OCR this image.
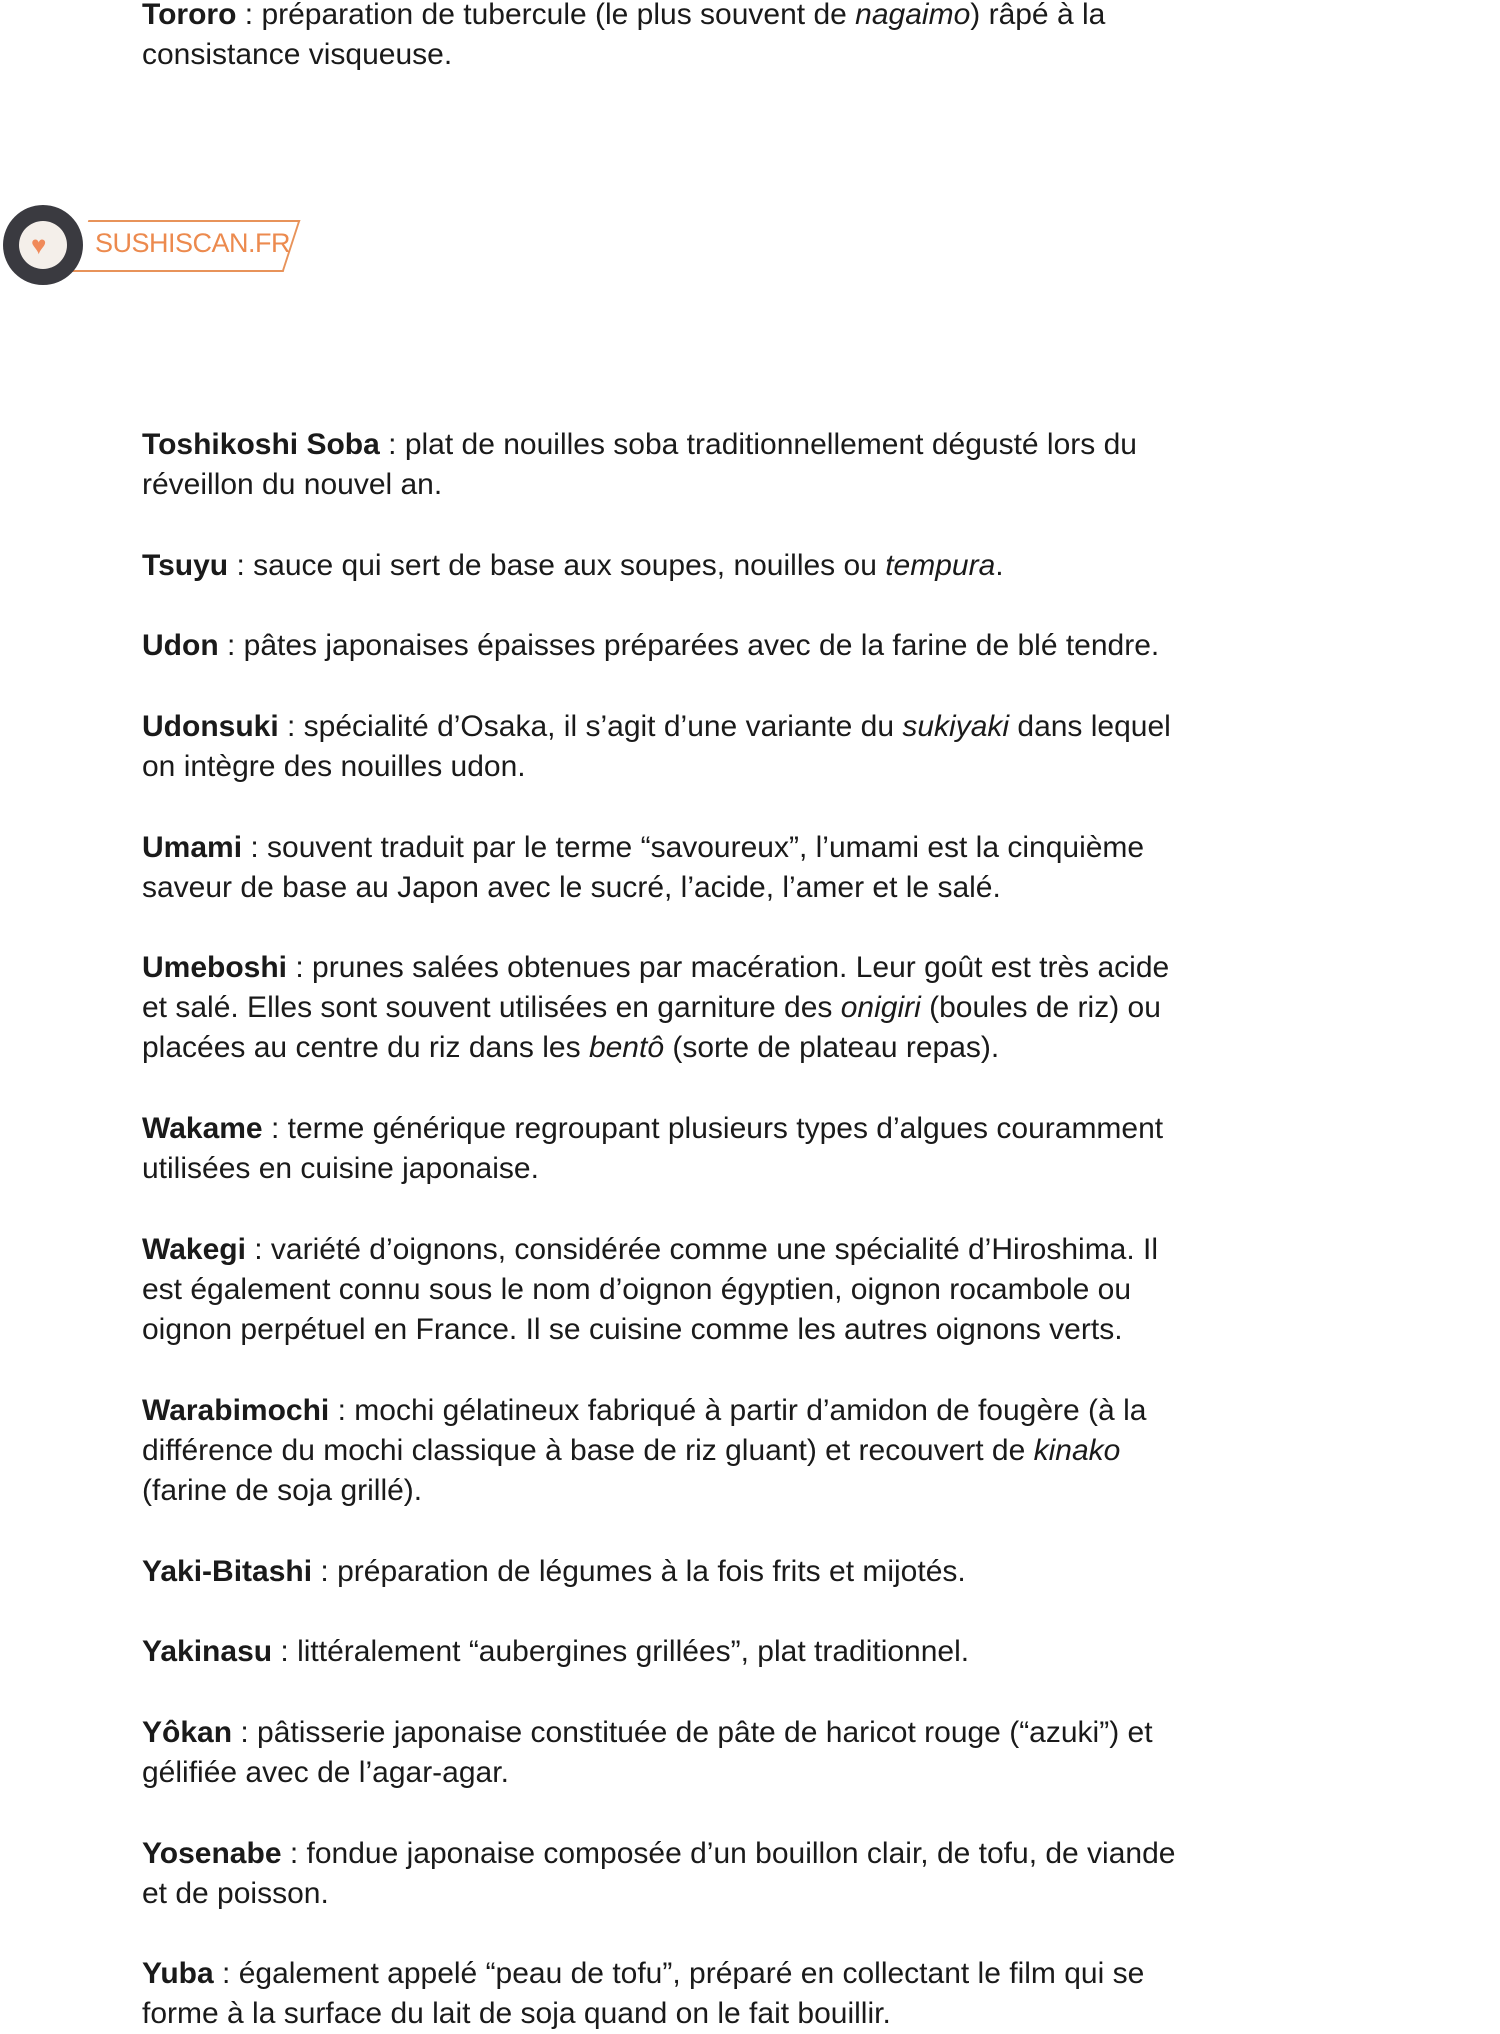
Tororo : préparation de tubercule (le plus souvent de nagaimo) râpé à la
consistance visqueuse.
Toshikoshi Soba : plat de nouilles soba traditionnellement dégusté lors du
réveillon du nouvel an.
Tsuyu : sauce qui sert de base aux soupes, nouilles ou tempura.
Udon : pâtes japonaises épaisses préparées avec de la farine de blé tendre.
Udonsuki : spécialité d’Osaka, il s’agit d’une variante du sukiyaki dans lequel
on intègre des nouilles udon.
Umami : souvent traduit par le terme “savoureux”, l’umami est la cinquième
saveur de base au Japon avec le sucré, l’acide, l’amer et le salé.
Umeboshi : prunes salées obtenues par macération. Leur goût est très acide
et salé. Elles sont souvent utilisées en garniture des onigiri (boules de riz) ou
placées au centre du riz dans les bentô (sorte de plateau repas).
Wakame : terme générique regroupant plusieurs types d’algues couramment
utilisées en cuisine japonaise.
Wakegi : variété d’oignons, considérée comme une spécialité d’Hiroshima. Il
est également connu sous le nom d’oignon égyptien, oignon rocambole ou
oignon perpétuel en France. Il se cuisine comme les autres oignons verts.
Warabimochi : mochi gélatineux fabriqué à partir d’amidon de fougère (à la
différence du mochi classique à base de riz gluant) et recouvert de kinako
(farine de soja grillé).
Yaki-Bitashi : préparation de légumes à la fois frits et mijotés.
Yakinasu : littéralement “aubergines grillées”, plat traditionnel.
Yôkan : pâtisserie japonaise constituée de pâte de haricot rouge (“azuki”) et
gélifiée avec de l’agar-agar.
Yosenabe : fondue japonaise composée d’un bouillon clair, de tofu, de viande
et de poisson.
Yuba : également appelé “peau de tofu”, préparé en collectant le film qui se
forme à la surface du lait de soja quand on le fait bouillir.
SUSHISCAN.FR
♥
